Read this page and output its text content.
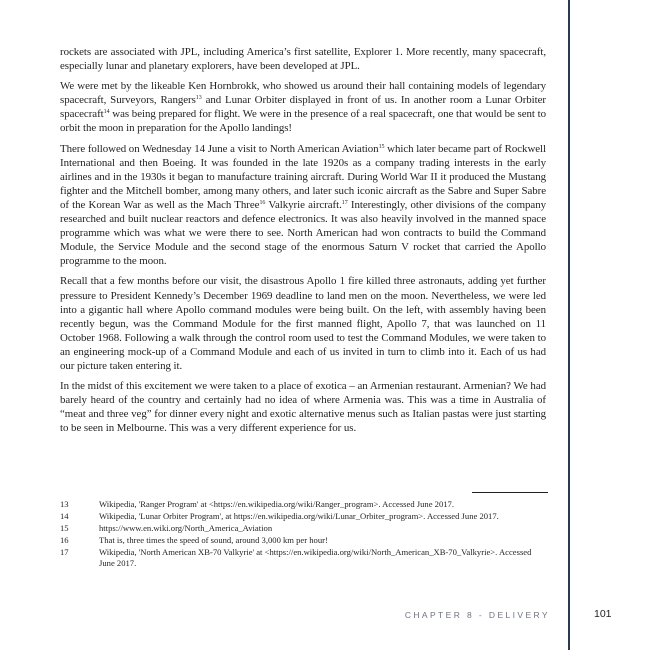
rockets are associated with JPL, including America’s first satellite, Explorer 1. More recently, many spacecraft, especially lunar and planetary explorers, have been developed at JPL.

We were met by the likeable Ken Hornbrokk, who showed us around their hall containing models of legendary spacecraft, Surveyors, Rangers$^{13}$ and Lunar Orbiter displayed in front of us. In another room a Lunar Orbiter spacecraft$^{14}$ was being prepared for flight. We were in the presence of a real spacecraft, one that would be sent to orbit the moon in preparation for the Apollo landings!

There followed on Wednesday 14 June a visit to North American Aviation$^{15}$ which later became part of Rockwell International and then Boeing. It was founded in the late 1920s as a company trading interests in the early airlines and in the 1930s it began to manufacture training aircraft. During World War II it produced the Mustang fighter and the Mitchell bomber, among many others, and later such iconic aircraft as the Sabre and Super Sabre of the Korean War as well as the Mach Three$^{16}$ Valkyrie aircraft.$^{17}$ Interestingly, other divisions of the company researched and built nuclear reactors and defence electronics. It was also heavily involved in the manned space programme which was what we were there to see. North American had won contracts to build the Command Module, the Service Module and the second stage of the enormous Saturn V rocket that carried the Apollo programme to the moon.

Recall that a few months before our visit, the disastrous Apollo 1 fire killed three astronauts, adding yet further pressure to President Kennedy’s December 1969 deadline to land men on the moon. Nevertheless, we were led into a gigantic hall where Apollo command modules were being built. On the left, with assembly having been recently begun, was the Command Module for the first manned flight, Apollo 7, that was launched on 11 October 1968. Following a walk through the control room used to test the Command Modules, we were taken to an engineering mock-up of a Command Module and each of us invited in turn to climb into it. Each of us had our picture taken entering it.

In the midst of this excitement we were taken to a place of exotica – an Armenian restaurant. Armenian? We had barely heard of the country and certainly had no idea of where Armenia was. This was a time in Australia of “meat and three veg” for dinner every night and exotic alternative menus such as Italian pastas were just starting to be seen in Melbourne. This was a very different experience for us.

13	Wikipedia, 'Ranger Program' at <https://en.wikipedia.org/wiki/Ranger_program>. Accessed June 2017.
14	Wikipedia, 'Lunar Orbiter Program', at https://en.wikipedia.org/wiki/Lunar_Orbiter_program>. Accessed June 2017.
15	https://www.en.wiki.org/North_America_Aviation
16	That is, three times the speed of sound, around 3,000 km per hour!
17	Wikipedia, 'North American XB-70 Valkyrie' at <https://en.wikipedia.org/wiki/North_American_XB-70_Valkyrie>. Accessed June 2017.
CHAPTER 8 - DELIVERY	101
